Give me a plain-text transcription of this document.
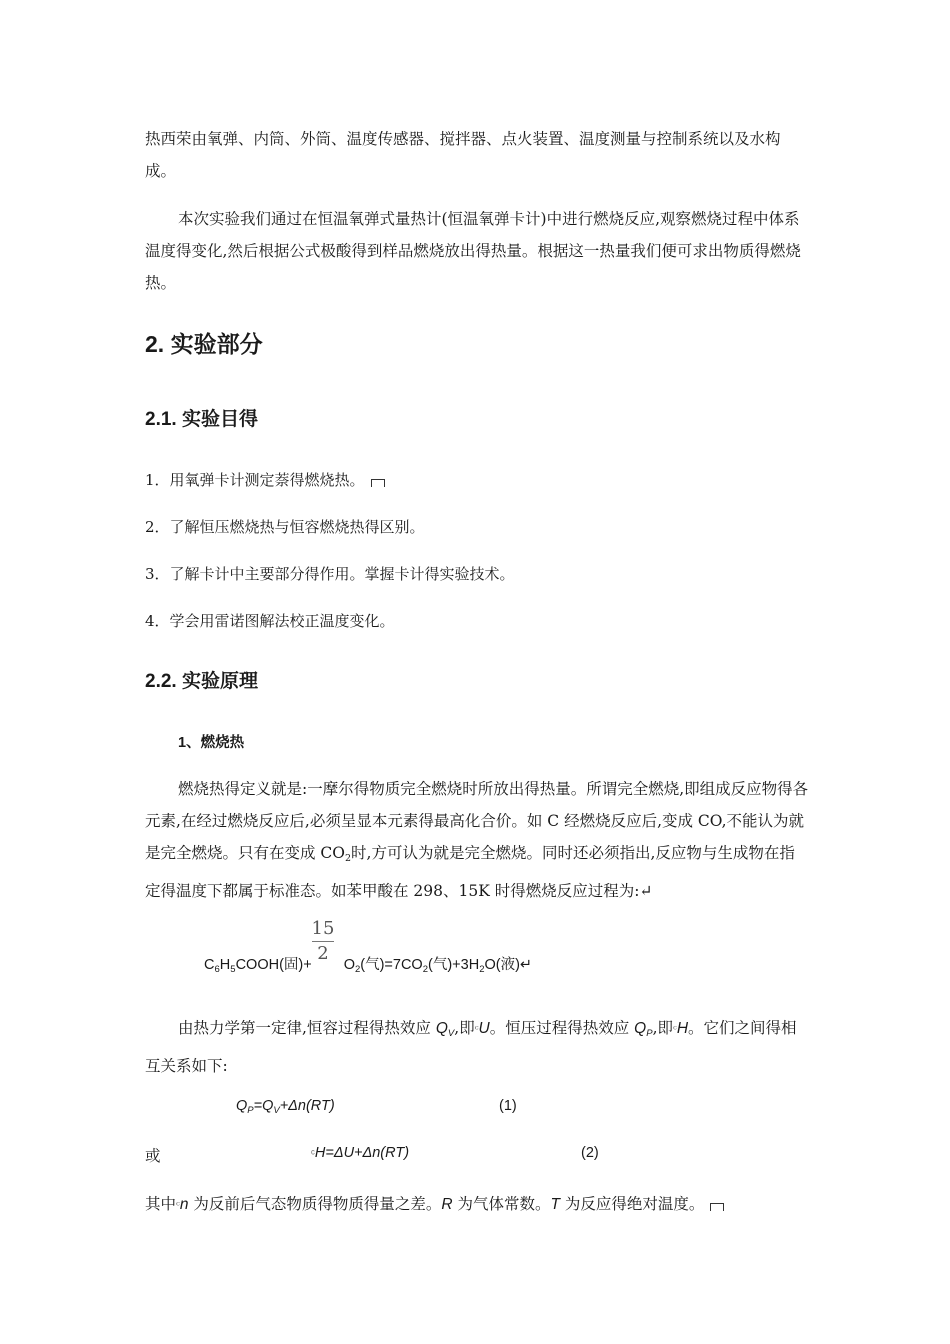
热西荣由氧弹、内筒、外筒、温度传感器、搅拌器、点火装置、温度测量与控制系统以及水构成。

本次实验我们通过在恒温氧弹式量热计(恒温氧弹卡计)中进行燃烧反应,观察燃烧过程中体系温度得变化,然后根据公式极酸得到样品燃烧放出得热量。根据这一热量我们便可求出物质得燃烧热。

2. 实验部分
2.1. 实验目得

1．用氧弹卡计测定萘得燃烧热。

2．了解恒压燃烧热与恒容燃烧热得区别。

3．了解卡计中主要部分得作用。掌握卡计得实验技术。

4．学会用雷诺图解法校正温度变化。

2.2. 实验原理
1、燃烧热

燃烧热得定义就是:一摩尔得物质完全燃烧时所放出得热量。所谓完全燃烧,即组成反应物得各元素,在经过燃烧反应后,必须呈显本元素得最高化合价。如 C 经燃烧反应后,变成 CO,不能认为就是完全燃烧。只有在变成 $CO_2$时,方可认为就是完全燃烧。同时还必须指出,反应物与生成物在指定得温度下都属于标准态。如苯甲酸在 298、15K 时得燃烧反应过程为:↵

15
2

$C_6H_5COOH$(固)+ $O_2$(气)$=7CO_2$(气)$+3H_2O$(液)↵

由热力学第一定律,恒容过程得热效应 $Q_V$,即ᶜU。恒压过程得热效应 $Q_P$,即ᶜH。它们之间得相互关系如下:

$Q_P=Q_V+\Delta n(RT)$	(1)

或	ᶜH=ΔU+Δn(RT)	(2)

其中ᶜn 为反前后气态物质得物质得量之差。R 为气体常数。T 为反应得绝对温度。
